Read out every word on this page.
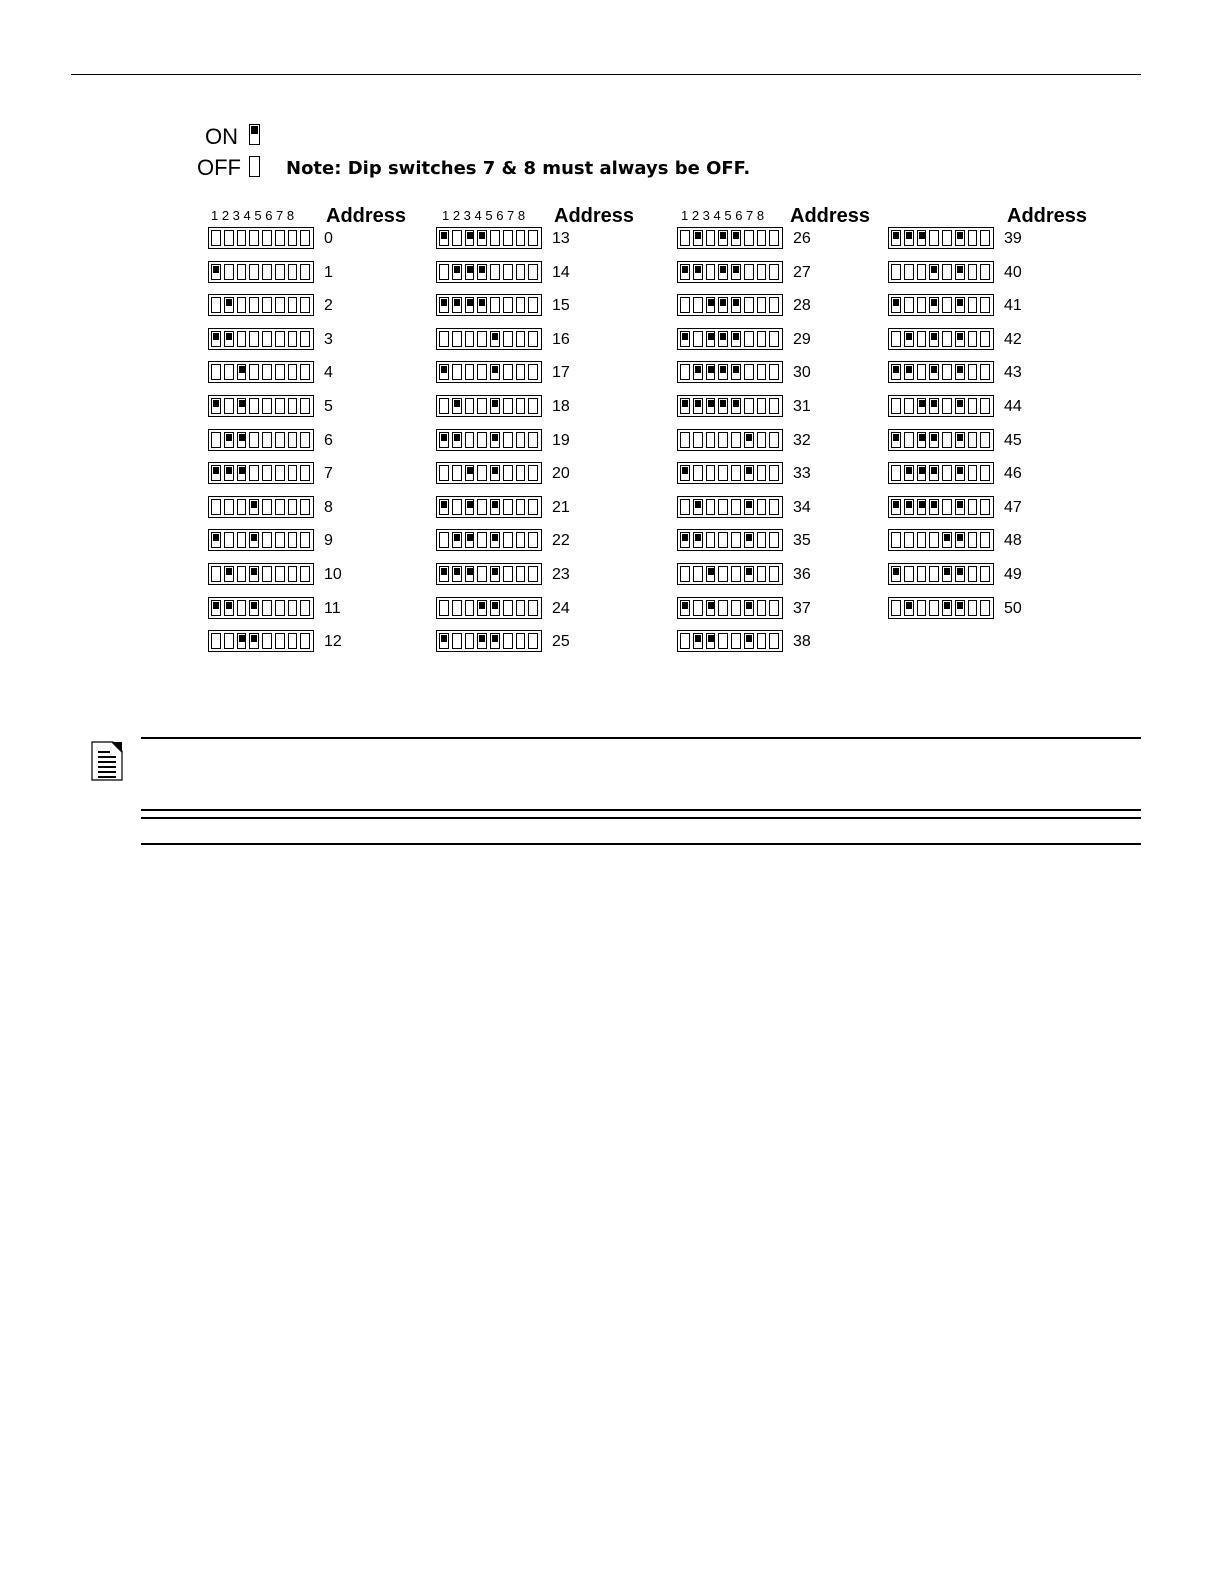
ON
OFF	Note: Dip switches 7 & 8 must always be OFF.
1 2 3 4 5 6 7 8 Address
0
1
2
3
4
5
6
7
8
9
10
11
12
1 2 3 4 5 6 7 8 Address
13
14
15
16
17
18
19
20
21
22
23
24
25
1 2 3 4 5 6 7 8 Address
26
27
28
29
30
31
32
33
34
35
36
37
38
Address
39
40
41
42
43
44
45
46
47
48
49
50
